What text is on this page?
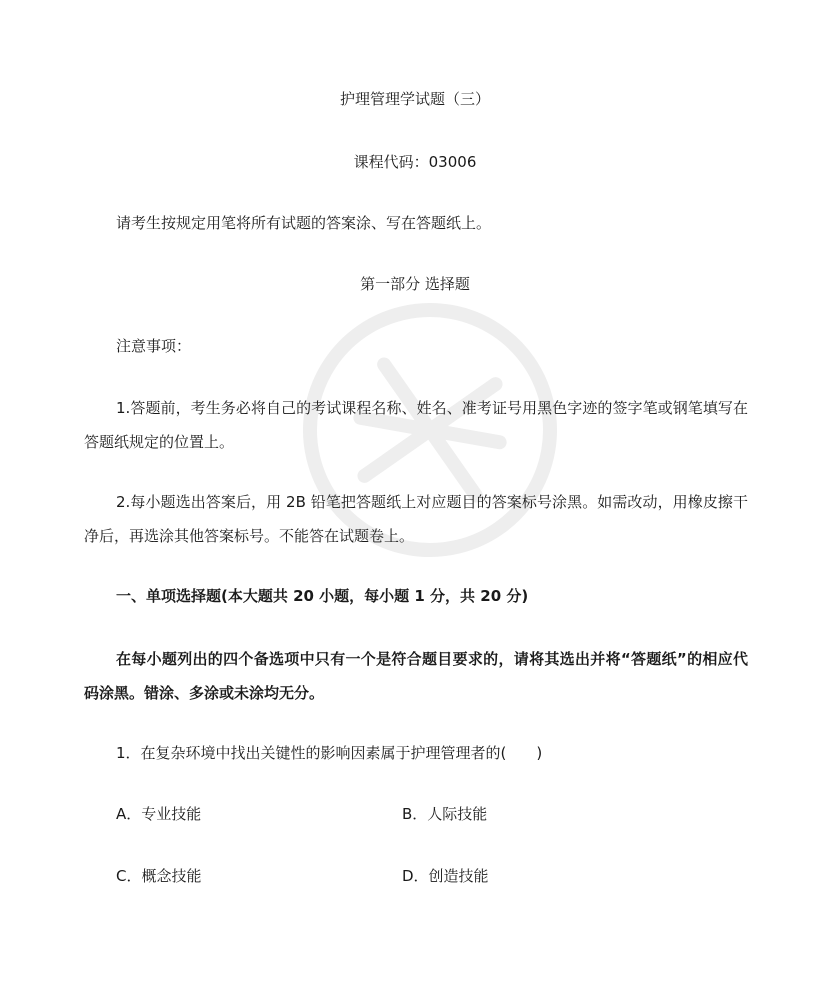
护理管理学试题（三）
课程代码：03006
请考生按规定用笔将所有试题的答案涂、写在答题纸上。
第一部分 选择题
注意事项：
1.答题前，考生务必将自己的考试课程名称、姓名、准考证号用黑色字迹的签字笔或钢笔填写在答题纸规定的位置上。
2.每小题选出答案后，用 2B 铅笔把答题纸上对应题目的答案标号涂黑。如需改动，用橡皮擦干净后，再选涂其他答案标号。不能答在试题卷上。
一、单项选择题(本大题共 20 小题，每小题 1 分，共 20 分)
在每小题列出的四个备选项中只有一个是符合题目要求的，请将其选出并将“答题纸”的相应代码涂黑。错涂、多涂或未涂均无分。
1．在复杂环境中找出关键性的影响因素属于护理管理者的(　　)
A．专业技能	B．人际技能
C．概念技能	D．创造技能
